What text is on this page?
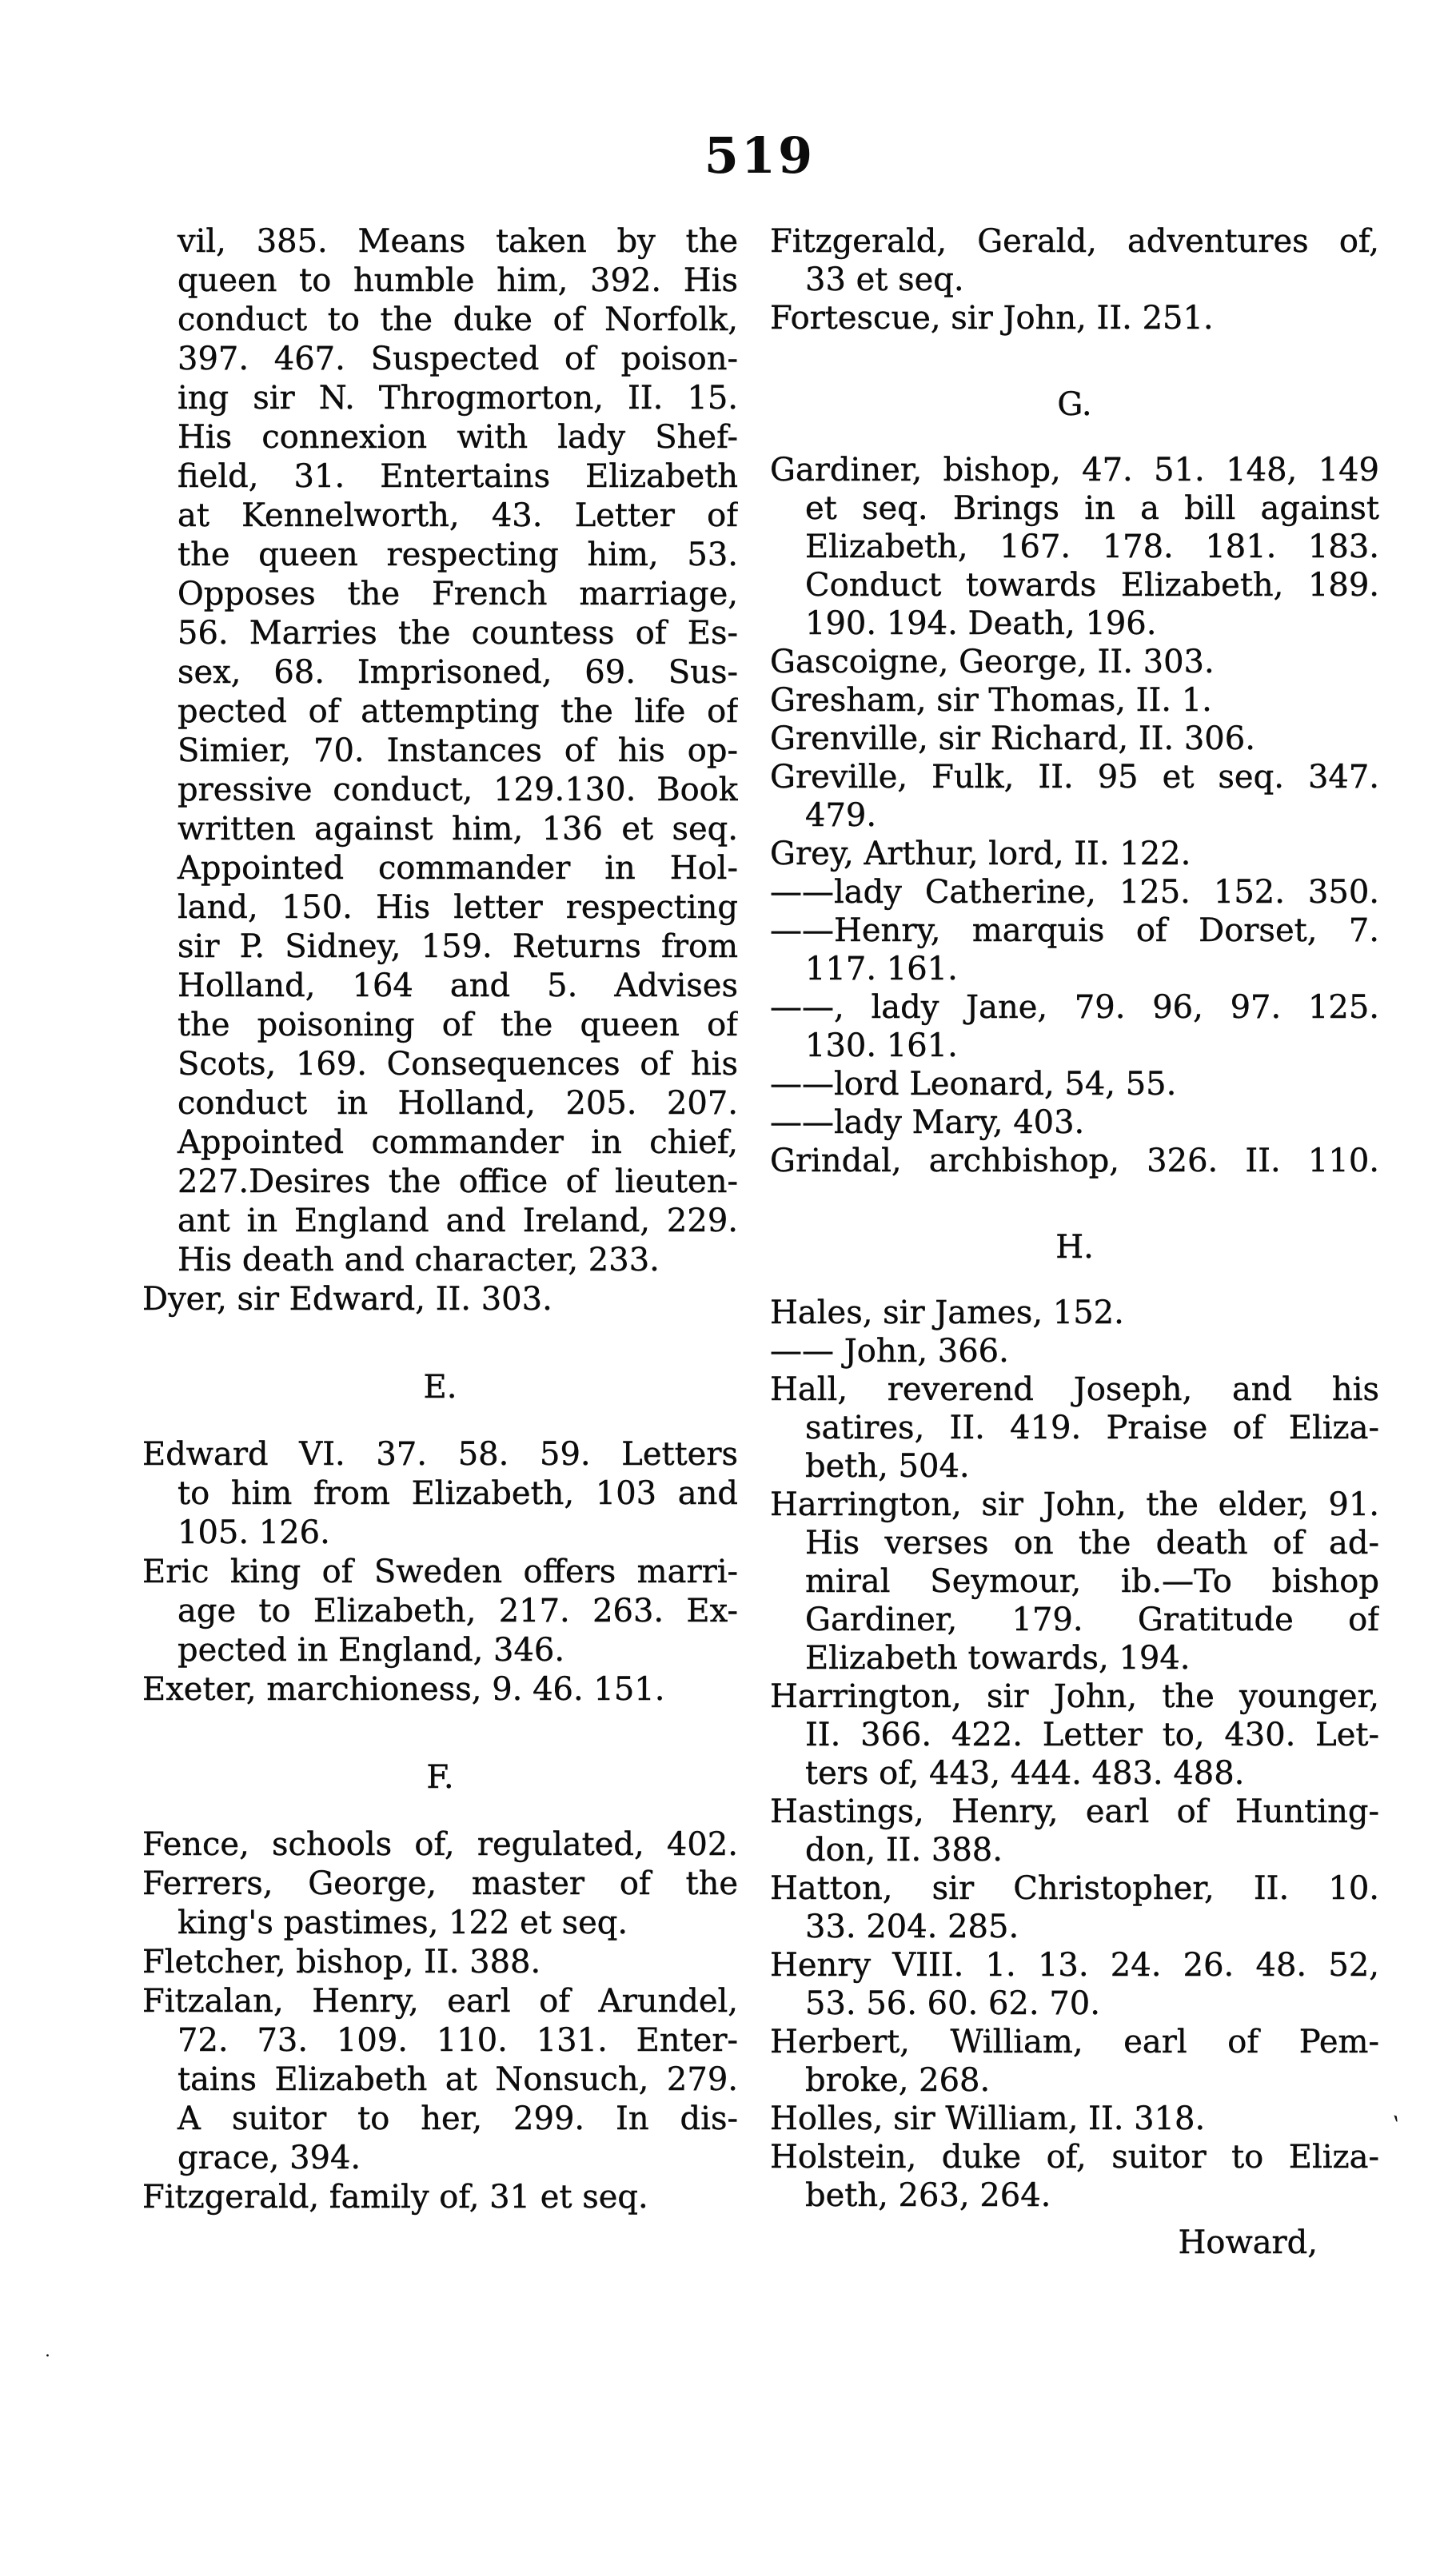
519
vil, 385. Means taken by the
queen to humble him, 392. His
conduct to the duke of Norfolk,
397. 467. Suspected of poison-
ing sir N. Throgmorton, II. 15.
His connexion with lady Shef-
field, 31. Entertains Elizabeth
at Kennelworth, 43. Letter of
the queen respecting him, 53.
Opposes the French marriage,
56. Marries the countess of Es-
sex, 68. Imprisoned, 69. Sus-
pected of attempting the life of
Simier, 70. Instances of his op-
pressive conduct, 129.130. Book
written against him, 136 et seq.
Appointed commander in Hol-
land, 150. His letter respecting
sir P. Sidney, 159. Returns from
Holland, 164 and 5. Advises
the poisoning of the queen of
Scots, 169. Consequences of his
conduct in Holland, 205. 207.
Appointed commander in chief,
227.Desires the office of lieuten-
ant in England and Ireland, 229.
His death and character, 233.
Dyer, sir Edward, II. 303.
E.
Edward VI. 37. 58. 59. Letters
to him from Elizabeth, 103 and
105. 126.
Eric king of Sweden offers marri-
age to Elizabeth, 217. 263. Ex-
pected in England, 346.
Exeter, marchioness, 9. 46. 151.
F.
Fence, schools of, regulated, 402.
Ferrers, George, master of the
king's pastimes, 122 et seq.
Fletcher, bishop, II. 388.
Fitzalan, Henry, earl of Arundel,
72. 73. 109. 110. 131. Enter-
tains Elizabeth at Nonsuch, 279.
A suitor to her, 299. In dis-
grace, 394.
Fitzgerald, family of, 31 et seq.
Fitzgerald, Gerald, adventures of,
33 et seq.
Fortescue, sir John, II. 251.
G.
Gardiner, bishop, 47. 51. 148, 149
et seq. Brings in a bill against
Elizabeth, 167. 178. 181. 183.
Conduct towards Elizabeth, 189.
190. 194. Death, 196.
Gascoigne, George, II. 303.
Gresham, sir Thomas, II. 1.
Grenville, sir Richard, II. 306.
Greville, Fulk, II. 95 et seq. 347.
479.
Grey, Arthur, lord, II. 122.
——lady Catherine, 125. 152. 350.
——Henry, marquis of Dorset, 7.
117. 161.
——, lady Jane, 79. 96, 97. 125.
130. 161.
——lord Leonard, 54, 55.
——lady Mary, 403.
Grindal, archbishop, 326. II. 110.
H.
Hales, sir James, 152.
—— John, 366.
Hall, reverend Joseph, and his
satires, II. 419. Praise of Eliza-
beth, 504.
Harrington, sir John, the elder, 91.
His verses on the death of ad-
miral Seymour, ib.—To bishop
Gardiner, 179. Gratitude of
Elizabeth towards, 194.
Harrington, sir John, the younger,
II. 366. 422. Letter to, 430. Let-
ters of, 443, 444. 483. 488.
Hastings, Henry, earl of Hunting-
don, II. 388.
Hatton, sir Christopher, II. 10.
33. 204. 285.
Henry VIII. 1. 13. 24. 26. 48. 52,
53. 56. 60. 62. 70.
Herbert, William, earl of Pem-
broke, 268.
Holles, sir William, II. 318.
Holstein, duke of, suitor to Eliza-
beth, 263, 264.
Howard,
‵
.
